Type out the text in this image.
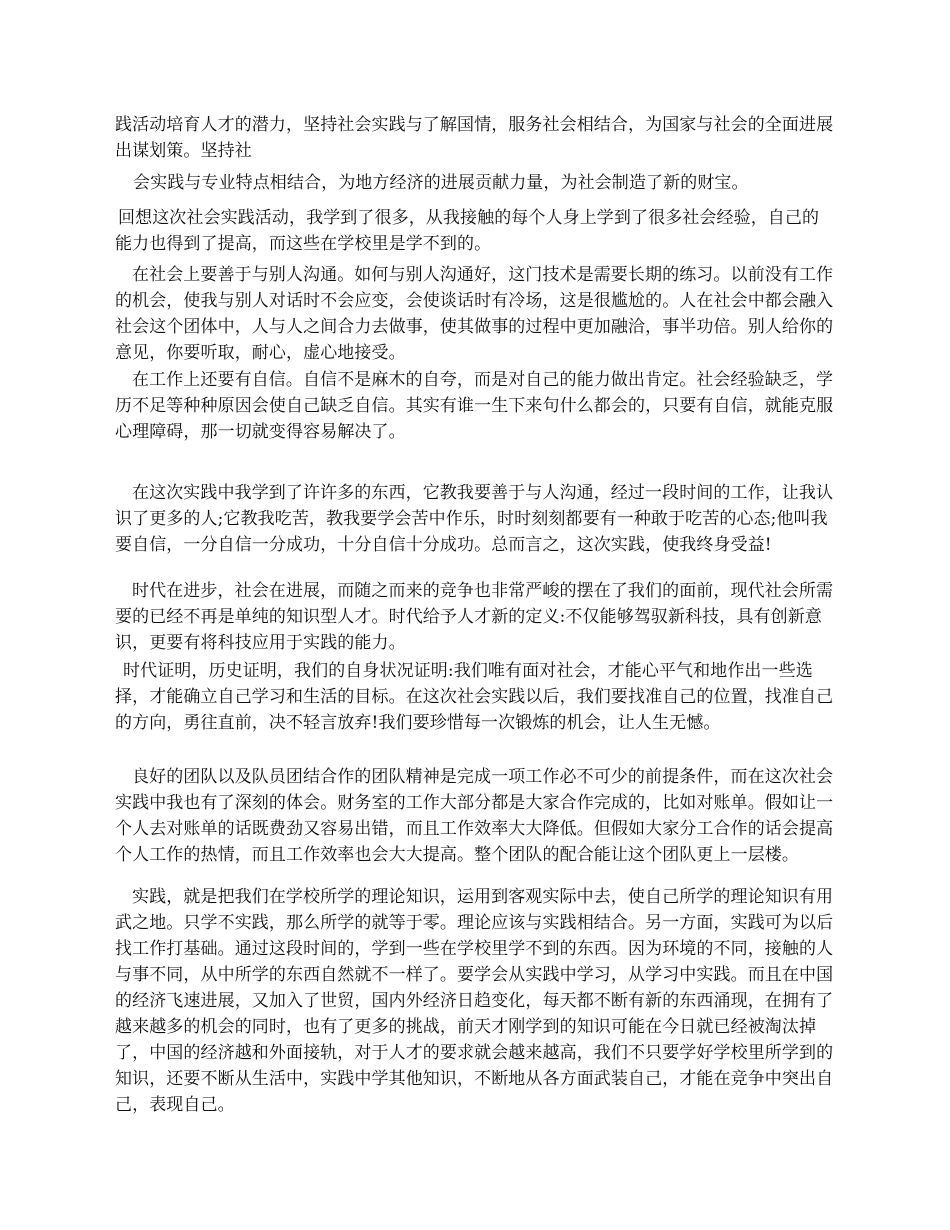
践活动培育人才的潜力，坚持社会实践与了解国情，服务社会相结合，为国家与社会的全面进展出谋划策。坚持社

会实践与专业特点相结合，为地方经济的进展贡献力量，为社会制造了新的财宝。

回想这次社会实践活动，我学到了很多，从我接触的每个人身上学到了很多社会经验，自己的能力也得到了提高，而这些在学校里是学不到的。

在社会上要善于与别人沟通。如何与别人沟通好，这门技术是需要长期的练习。以前没有工作的机会，使我与别人对话时不会应变，会使谈话时有冷场，这是很尴尬的。人在社会中都会融入社会这个团体中，人与人之间合力去做事，使其做事的过程中更加融洽，事半功倍。别人给你的意见，你要听取，耐心，虚心地接受。

在工作上还要有自信。自信不是麻木的自夸，而是对自己的能力做出肯定。社会经验缺乏，学历不足等种种原因会使自己缺乏自信。其实有谁一生下来句什么都会的，只要有自信，就能克服心理障碍，那一切就变得容易解决了。

在这次实践中我学到了许许多的东西，它教我要善于与人沟通，经过一段时间的工作，让我认识了更多的人;它教我吃苦，教我要学会苦中作乐，时时刻刻都要有一种敢于吃苦的心态;他叫我要自信，一分自信一分成功，十分自信十分成功。总而言之，这次实践，使我终身受益!

时代在进步，社会在进展，而随之而来的竞争也非常严峻的摆在了我们的面前，现代社会所需要的已经不再是单纯的知识型人才。时代给予人才新的定义:不仅能够驾驭新科技，具有创新意识，更要有将科技应用于实践的能力。

时代证明，历史证明，我们的自身状况证明:我们唯有面对社会，才能心平气和地作出一些选择，才能确立自己学习和生活的目标。在这次社会实践以后，我们要找准自己的位置，找准自己的方向，勇往直前，决不轻言放弃!我们要珍惜每一次锻炼的机会，让人生无憾。

良好的团队以及队员团结合作的团队精神是完成一项工作必不可少的前提条件，而在这次社会实践中我也有了深刻的体会。财务室的工作大部分都是大家合作完成的，比如对账单。假如让一个人去对账单的话既费劲又容易出错，而且工作效率大大降低。但假如大家分工合作的话会提高个人工作的热情，而且工作效率也会大大提高。整个团队的配合能让这个团队更上一层楼。

实践，就是把我们在学校所学的理论知识，运用到客观实际中去，使自己所学的理论知识有用武之地。只学不实践，那么所学的就等于零。理论应该与实践相结合。另一方面，实践可为以后找工作打基础。通过这段时间的，学到一些在学校里学不到的东西。因为环境的不同，接触的人与事不同，从中所学的东西自然就不一样了。要学会从实践中学习，从学习中实践。而且在中国的经济飞速进展，又加入了世贸，国内外经济日趋变化，每天都不断有新的东西涌现，在拥有了越来越多的机会的同时，也有了更多的挑战，前天才刚学到的知识可能在今日就已经被淘汰掉了，中国的经济越和外面接轨，对于人才的要求就会越来越高，我们不只要学好学校里所学到的知识，还要不断从生活中，实践中学其他知识，不断地从各方面武装自己，才能在竞争中突出自己，表现自己。
